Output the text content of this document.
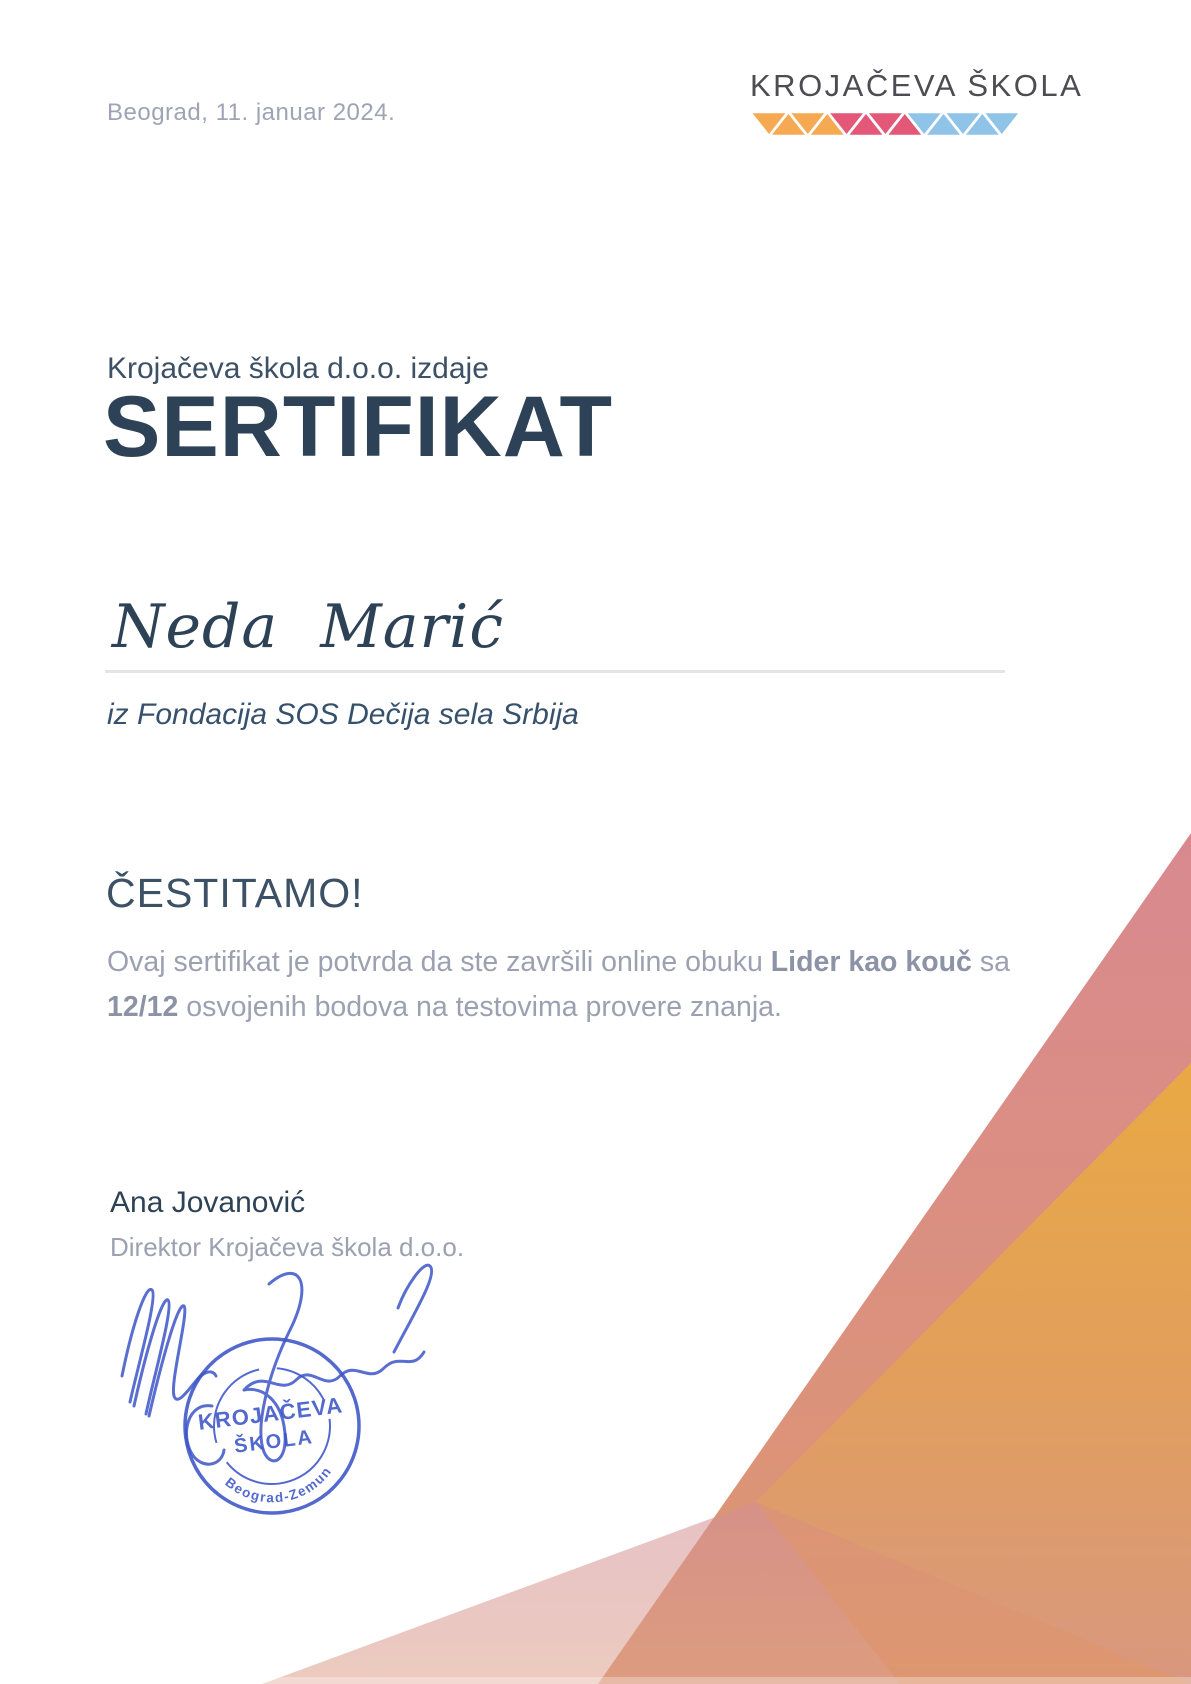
Beograd, 11. januar 2024.
KROJAČEVA ŠKOLA
Krojačeva škola d.o.o. izdaje
SERTIFIKAT
Neda Marić
iz Fondacija SOS Dečija sela Srbija
ČESTITAMO!
Ovaj sertifikat je potvrda da ste završili online obuku Lider kao kouč sa 12/12 osvojenih bodova na testovima provere znanja.
Ana Jovanović
Direktor Krojačeva škola d.o.o.
KROJAČEVA
ŠKOLA
Beograd-Zemun
